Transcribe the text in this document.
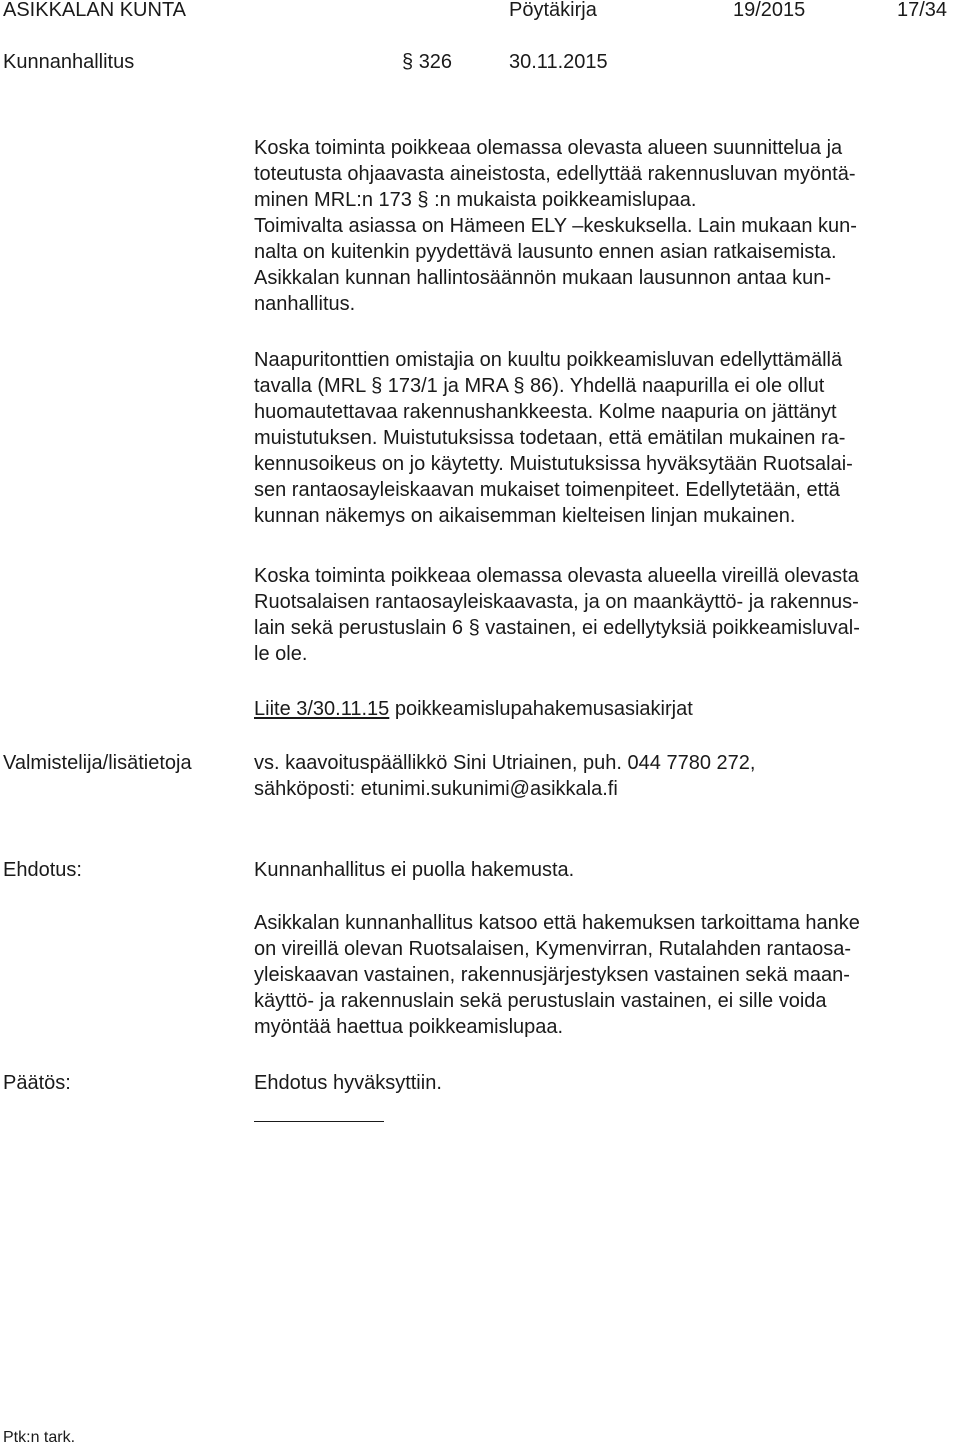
ASIKKALAN KUNTA	Pöytäkirja	19/2015	17/34
Kunnanhallitus	§ 326	30.11.2015
Koska toiminta poikkeaa olemassa olevasta alueen suunnittelua ja
toteutusta ohjaavasta aineistosta, edellyttää rakennusluvan myöntä-
minen MRL:n 173 § :n mukaista poikkeamislupaa.
Toimivalta asiassa on Hämeen ELY –keskuksella. Lain mukaan kun-
nalta on kuitenkin pyydettävä lausunto ennen asian ratkaisemista.
Asikkalan kunnan hallintosäännön mukaan lausunnon antaa kun-
nanhallitus.
Naapuritonttien omistajia on kuultu poikkeamisluvan edellyttämällä
tavalla (MRL § 173/1 ja MRA § 86). Yhdellä naapurilla ei ole ollut
huomautettavaa rakennushankkeesta. Kolme naapuria on jättänyt
muistutuksen. Muistutuksissa todetaan, että emätilan mukainen ra-
kennusoikeus on jo käytetty. Muistutuksissa hyväksytään Ruotsalai-
sen rantaosayleiskaavan mukaiset toimenpiteet. Edellytetään, että
kunnan näkemys on aikaisemman kielteisen linjan mukainen.
Koska toiminta poikkeaa olemassa olevasta alueella vireillä olevasta
Ruotsalaisen rantaosayleiskaavasta, ja on maankäyttö- ja rakennus-
lain sekä perustuslain 6 § vastainen, ei edellytyksiä poikkeamisluval-
le ole.
Liite 3/30.11.15 poikkeamislupahakemusasiakirjat
Valmistelija/lisätietoja	vs. kaavoituspäällikkö Sini Utriainen, puh. 044 7780 272,
sähköposti: etunimi.sukunimi@asikkala.fi
Ehdotus:	Kunnanhallitus ei puolla hakemusta.
Asikkalan kunnanhallitus katsoo että hakemuksen tarkoittama hanke
on vireillä olevan Ruotsalaisen, Kymenvirran, Rutalahden rantaosa-
yleiskaavan vastainen, rakennusjärjestyksen vastainen sekä maan-
käyttö- ja rakennuslain sekä perustuslain vastainen, ei sille voida
myöntää haettua poikkeamislupaa.
Päätös:	Ehdotus hyväksyttiin.
Ptk:n tark.
